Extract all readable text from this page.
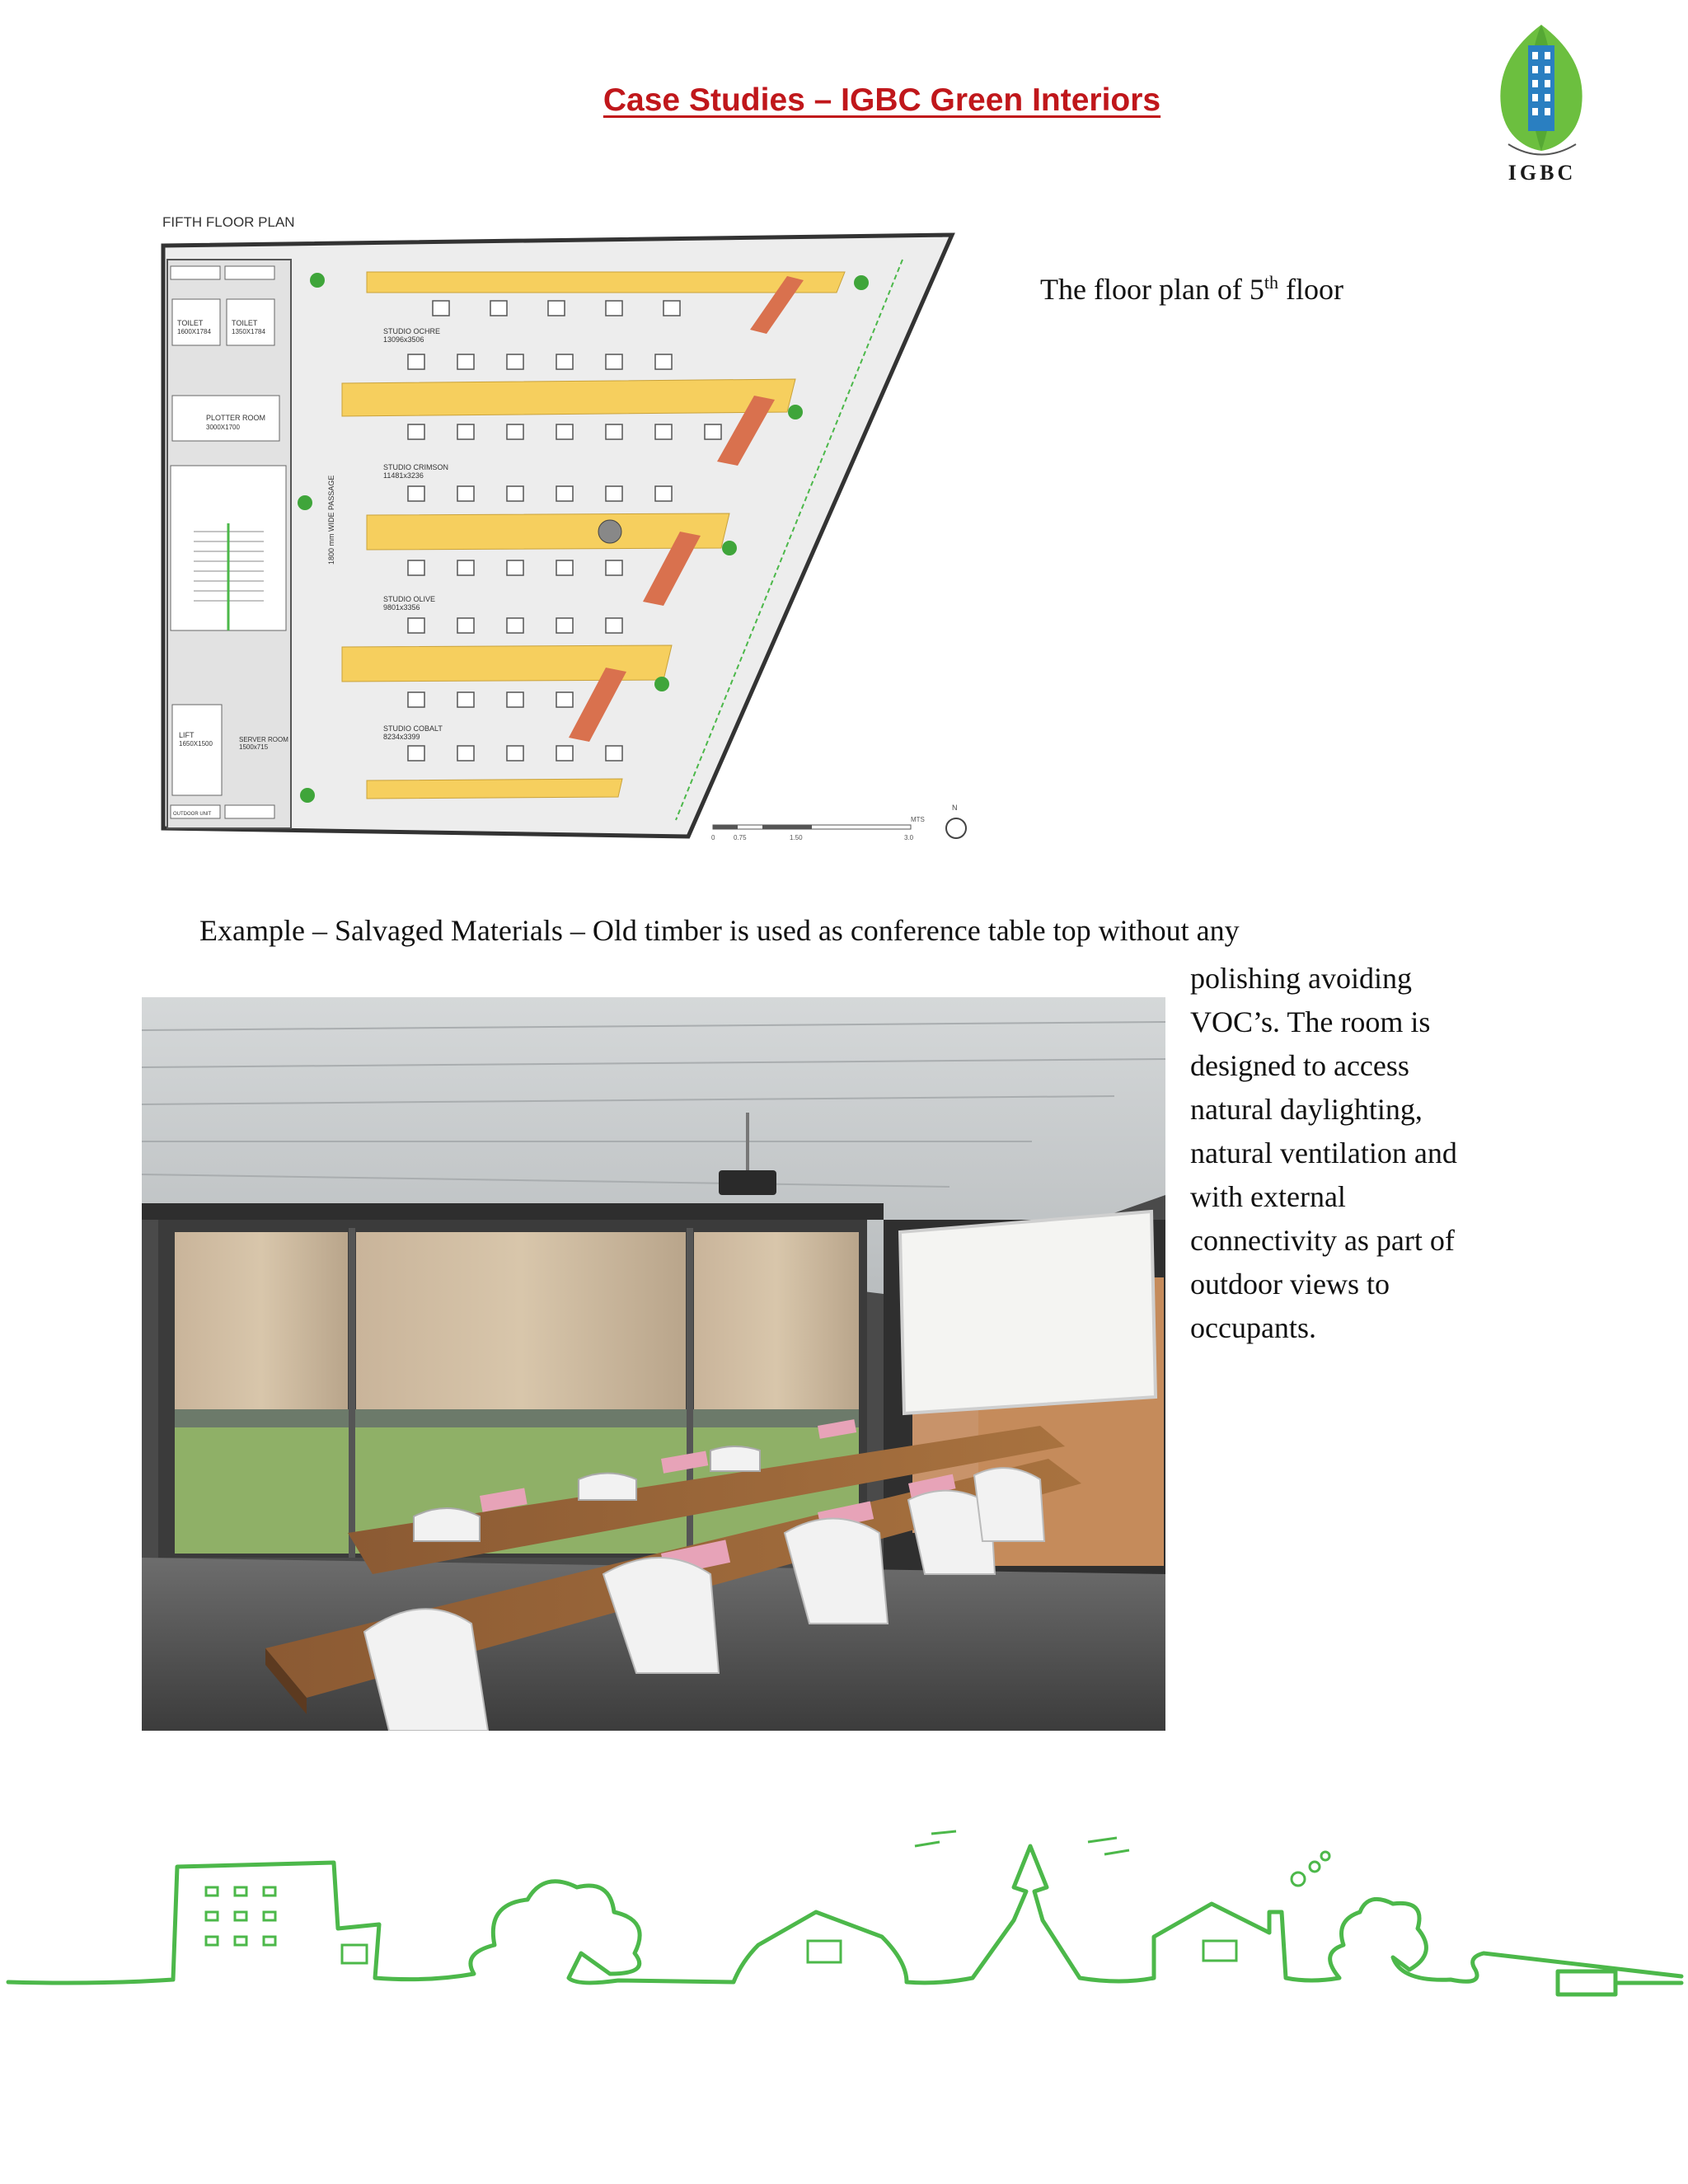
Case Studies – IGBC Green Interiors
IGBC
FIFTH FLOOR PLAN
TOILET
1600X1784
TOILET
1350X1784
PLOTTER ROOM
3000X1700
LIFT
1650X1500
SERVER ROOM
1500x715
OUTDOOR UNIT
1800 mm WIDE PASSAGE
STUDIO OCHRE
13096x3506
STUDIO CRIMSON
11481x3236
STUDIO OLIVE
9801x3356
STUDIO COBALT
8234x3399
0	0.75	1.50	3.0
MTS
N
The floor plan of 5th floor
Example – Salvaged Materials – Old timber is used as conference table top without any
polishing avoiding
VOC’s. The room is
designed to access
natural daylighting,
natural ventilation and
with external
connectivity as part of
outdoor views to
occupants.
